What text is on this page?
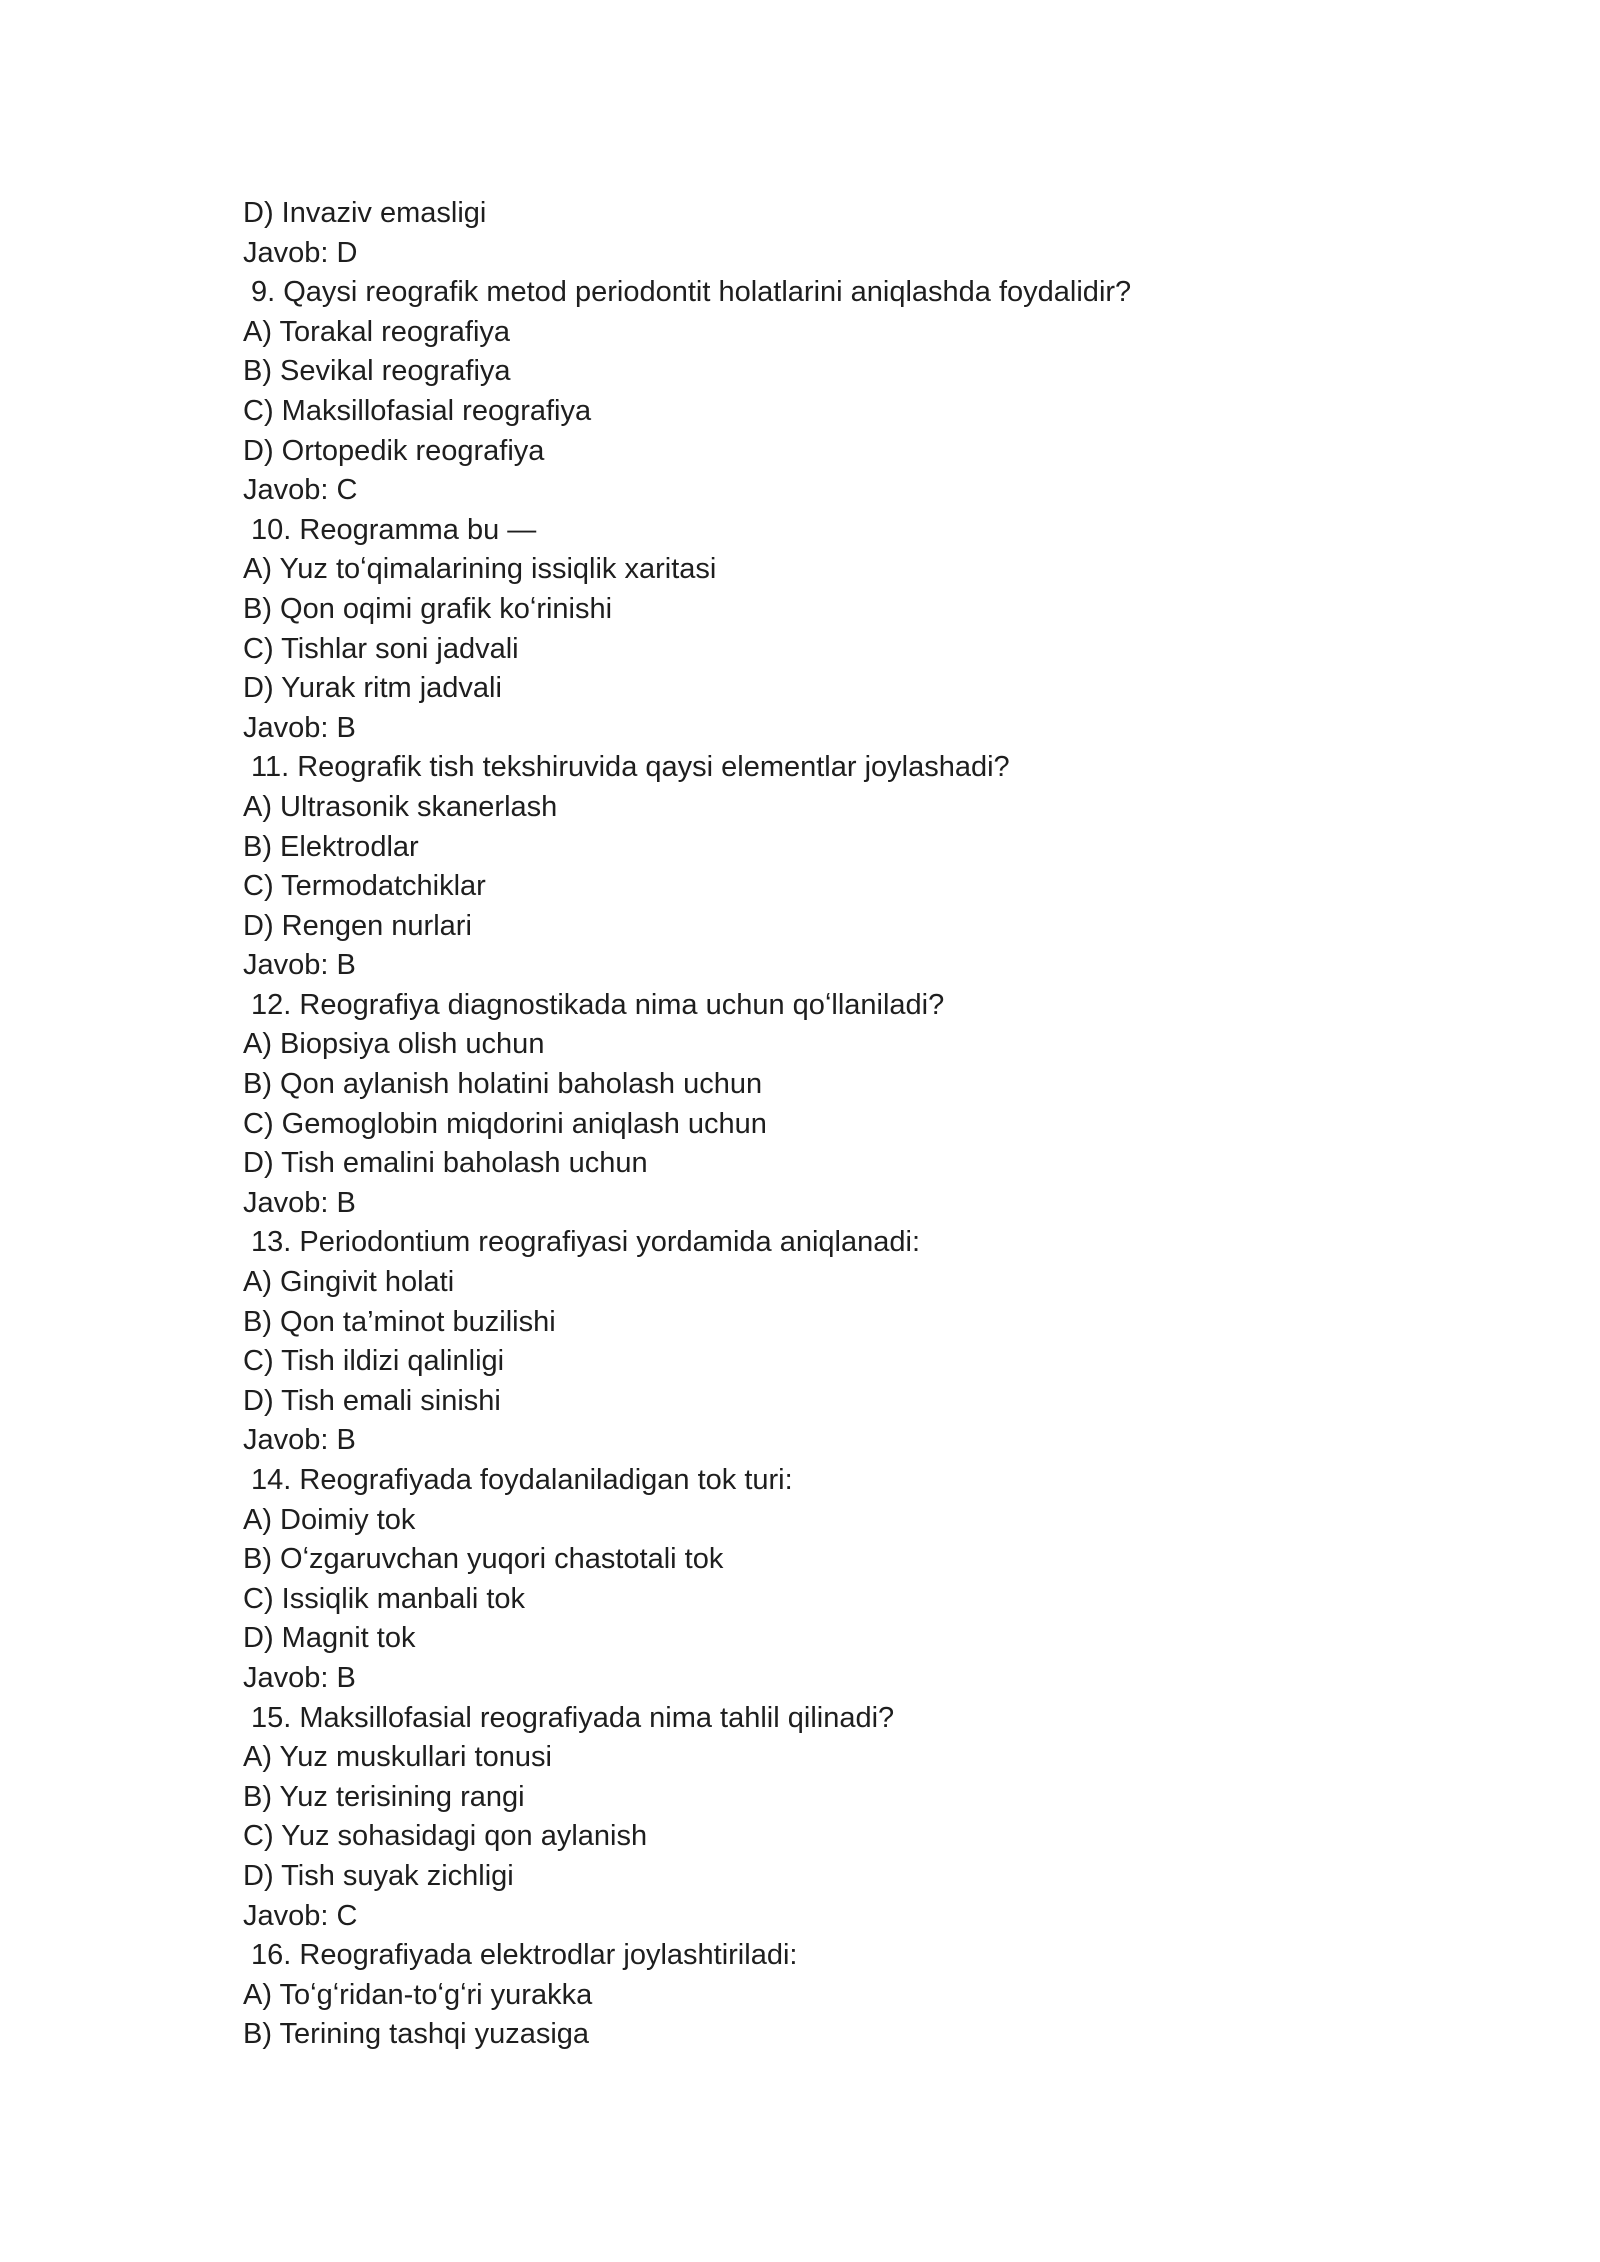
D) Invaziv emasligi
Javob: D
9. Qaysi reografik metod periodontit holatlarini aniqlashda foydalidir?
A) Torakal reografiya
B) Sevikal reografiya
C) Maksillofasial reografiya
D) Ortopedik reografiya
Javob: C
10. Reogramma bu —
A) Yuz toʻqimalarining issiqlik xaritasi
B) Qon oqimi grafik koʻrinishi
C) Tishlar soni jadvali
D) Yurak ritm jadvali
Javob: B
11. Reografik tish tekshiruvida qaysi elementlar joylashadi?
A) Ultrasonik skanerlash
B) Elektrodlar
C) Termodatchiklar
D) Rengen nurlari
Javob: B
12. Reografiya diagnostikada nima uchun qoʻllaniladi?
A) Biopsiya olish uchun
B) Qon aylanish holatini baholash uchun
C) Gemoglobin miqdorini aniqlash uchun
D) Tish emalini baholash uchun
Javob: B
13. Periodontium reografiyasi yordamida aniqlanadi:
A) Gingivit holati
B) Qon ta’minot buzilishi
C) Tish ildizi qalinligi
D) Tish emali sinishi
Javob: B
14. Reografiyada foydalaniladigan tok turi:
A) Doimiy tok
B) Oʻzgaruvchan yuqori chastotali tok
C) Issiqlik manbali tok
D) Magnit tok
Javob: B
15. Maksillofasial reografiyada nima tahlil qilinadi?
A) Yuz muskullari tonusi
B) Yuz terisining rangi
C) Yuz sohasidagi qon aylanish
D) Tish suyak zichligi
Javob: C
16. Reografiyada elektrodlar joylashtiriladi:
A) Toʻgʻridan-toʻgʻri yurakka
B) Terining tashqi yuzasiga
